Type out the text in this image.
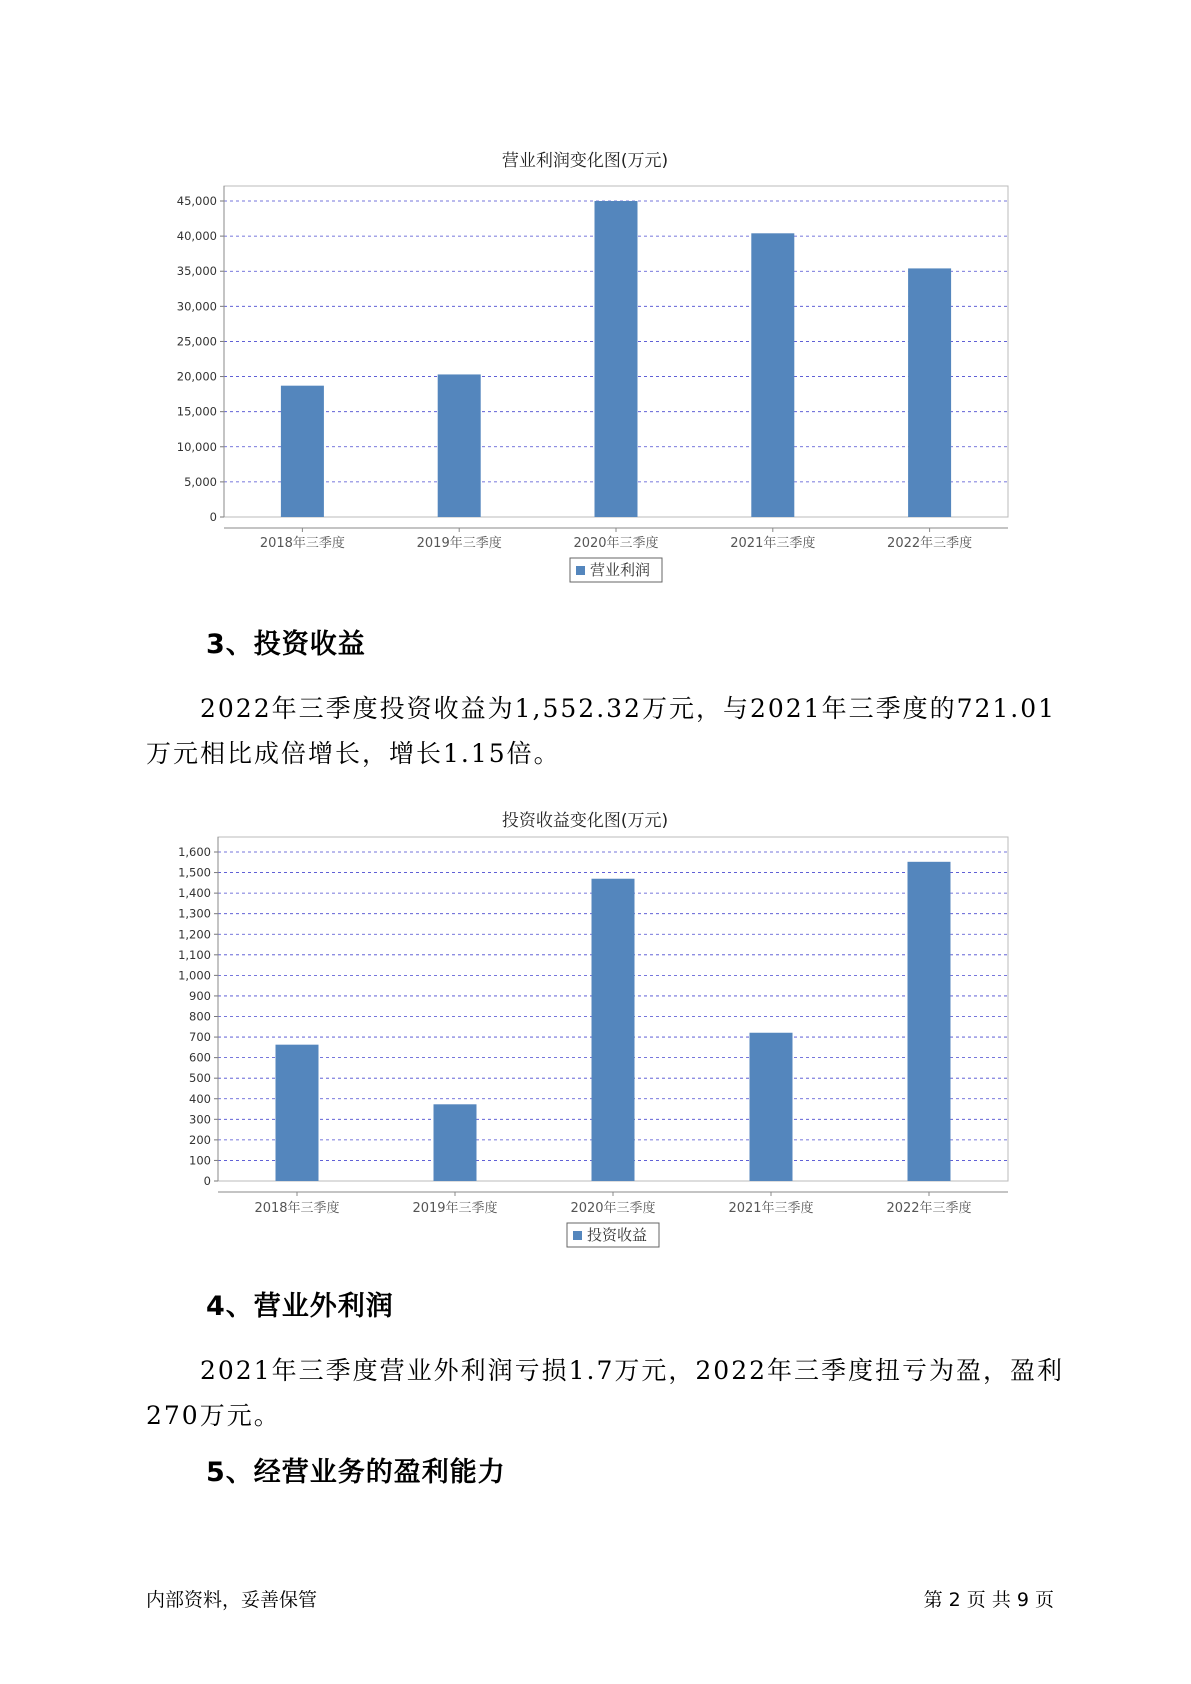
营业利润变化图(万元)
0
5,000
10,000
15,000
20,000
25,000
30,000
35,000
40,000
45,000
2018年三季度	2019年三季度	2020年三季度	2021年三季度	2022年三季度
营业利润
3、投资收益

2022年三季度投资收益为1,552.32万元，与2021年三季度的721.01万元相比成倍增长，增长1.15倍。

投资收益变化图(万元)
0
100
200
300
400
500
600
700
800
900
1,000
1,100
1,200
1,300
1,400
1,500
1,600
2018年三季度	2019年三季度	2020年三季度	2021年三季度	2022年三季度
投资收益
4、营业外利润

2021年三季度营业外利润亏损1.7万元，2022年三季度扭亏为盈，盈利270万元。

5、经营业务的盈利能力
内部资料，妥善保管	第 2 页 共 9 页
